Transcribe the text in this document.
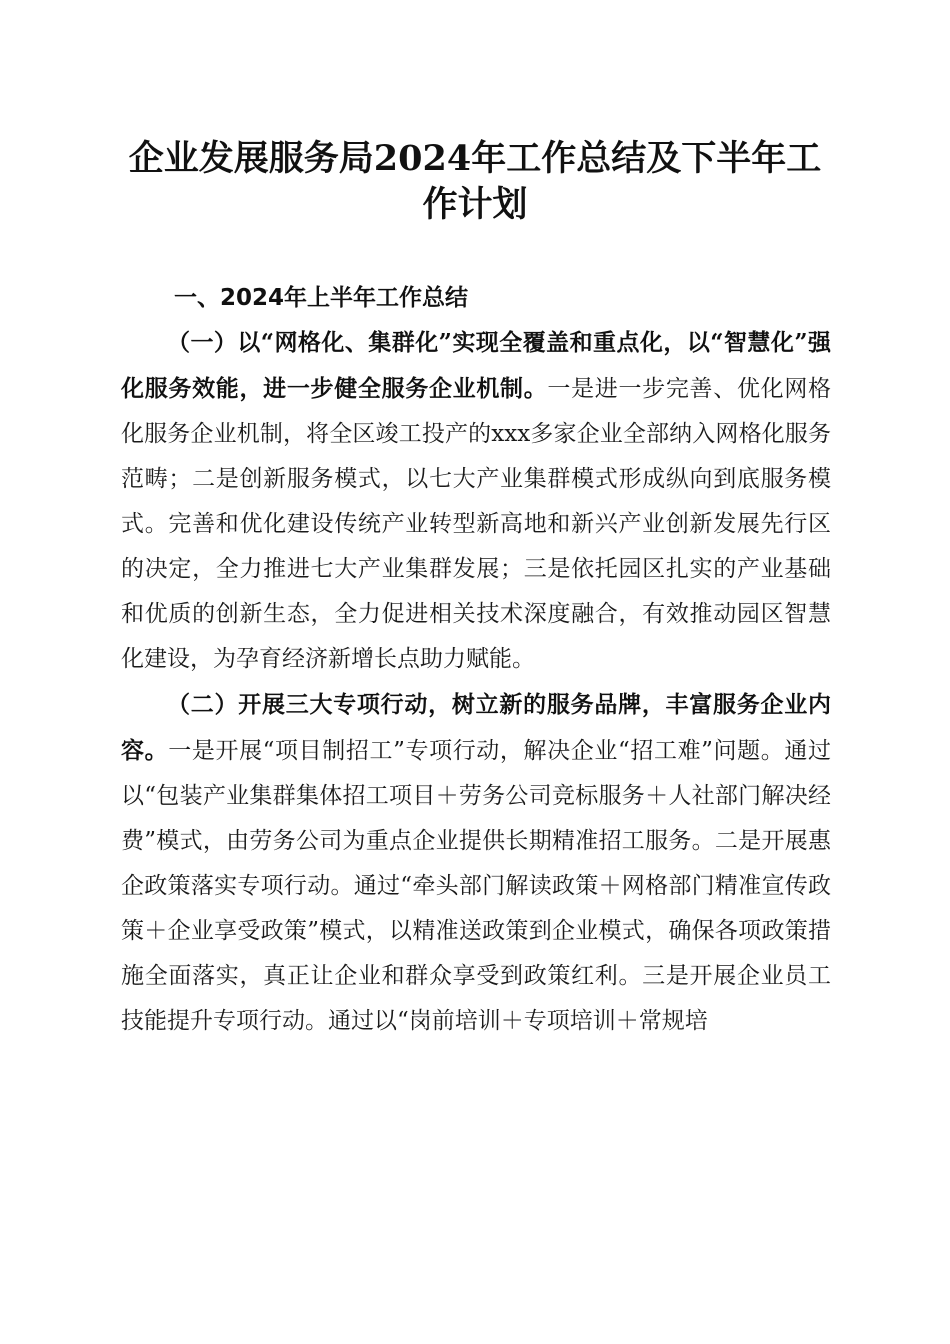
企业发展服务局2024年工作总结及下半年工作计划
一、2024年上半年工作总结

（一）以“网格化、集群化”实现全覆盖和重点化，以“智慧化”强化服务效能，进一步健全服务企业机制。一是进一步完善、优化网格化服务企业机制，将全区竣工投产的xxx多家企业全部纳入网格化服务范畴；二是创新服务模式，以七大产业集群模式形成纵向到底服务模式。完善和优化建设传统产业转型新高地和新兴产业创新发展先行区的决定，全力推进七大产业集群发展；三是依托园区扎实的产业基础和优质的创新生态，全力促进相关技术深度融合，有效推动园区智慧化建设，为孕育经济新增长点助力赋能。

（二）开展三大专项行动，树立新的服务品牌，丰富服务企业内容。一是开展“项目制招工”专项行动，解决企业“招工难”问题。通过以“包装产业集群集体招工项目＋劳务公司竞标服务＋人社部门解决经费”模式，由劳务公司为重点企业提供长期精准招工服务。二是开展惠企政策落实专项行动。通过“牵头部门解读政策＋网格部门精准宣传政策＋企业享受政策”模式，以精准送政策到企业模式，确保各项政策措施全面落实，真正让企业和群众享受到政策红利。三是开展企业员工技能提升专项行动。通过以“岗前培训＋专项培训＋常规培
